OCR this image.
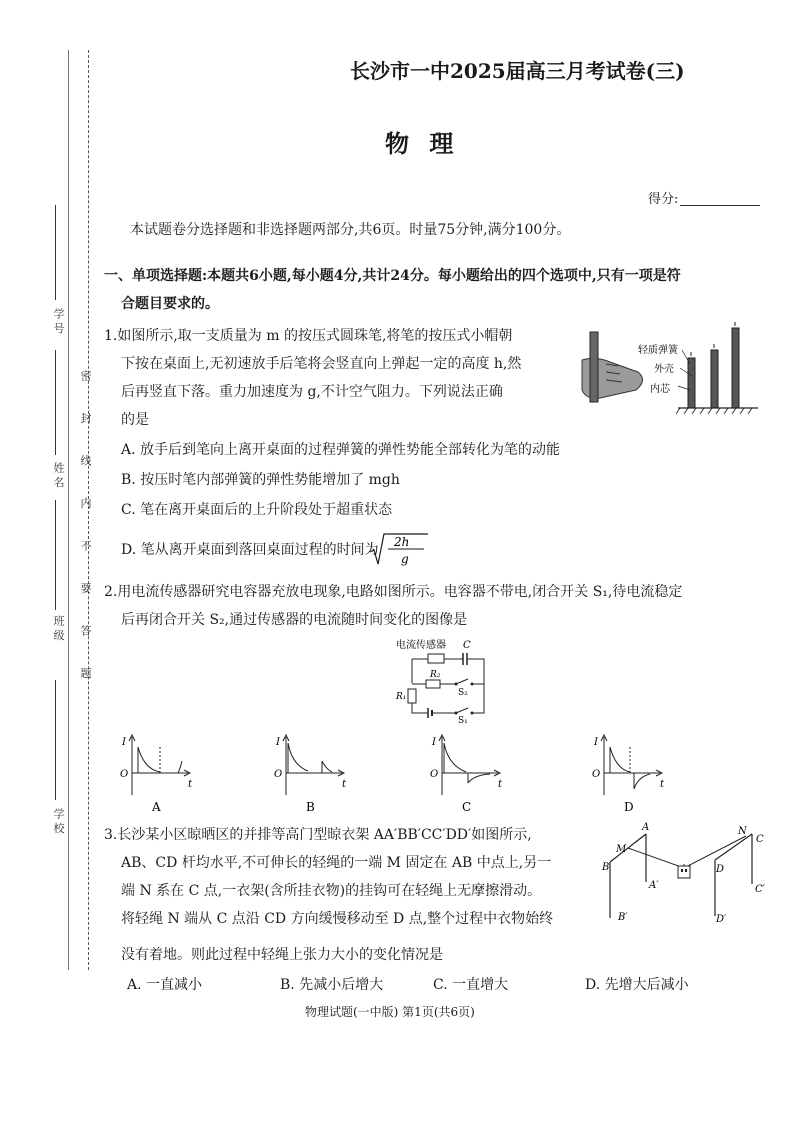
学 号
姓 名
班 级
学 校
密 封 线 内 不 要 答 题
长沙市一中2025届高三月考试卷(三)
物 理
得分:
本试题卷分选择题和非选择题两部分,共6页。时量75分钟,满分100分。
一、单项选择题:本题共6小题,每小题4分,共计24分。每小题给出的四个选项中,只有一项是符
合题目要求的。
1.如图所示,取一支质量为 m 的按压式圆珠笔,将笔的按压式小帽朝
下按在桌面上,无初速放手后笔将会竖直向上弹起一定的高度 h,然
后再竖直下落。重力加速度为 g,不计空气阻力。下列说法正确
的是
A. 放手后到笔向上离开桌面的过程弹簧的弹性势能全部转化为笔的动能
B. 按压时笔内部弹簧的弹性势能增加了 mgh
C. 笔在离开桌面后的上升阶段处于超重状态
D. 笔从离开桌面到落回桌面过程的时间为 2h
g
轻质弹簧
外壳
内芯
2.用电流传感器研究电容器充放电现象,电路如图所示。电容器不带电,闭合开关 S₁,待电流稳定
后再闭合开关 S₂,通过传感器的电流随时间变化的图像是
电流传感器 C
R₂
S₂
R₁
S₁
I
O
t
A
I
O
t
B
I
O
t
C
I
O
t
D
3.长沙某小区晾晒区的并排等高门型晾衣架 AA′BB′CC′DD′如图所示,
AB、CD 杆均水平,不可伸长的轻绳的一端 M 固定在 AB 中点上,另一
端 N 系在 C 点,一衣架(含所挂衣物)的挂钩可在轻绳上无摩擦滑动。
将轻绳 N 端从 C 点沿 CD 方向缓慢移动至 D 点,整个过程中衣物始终
没有着地。则此过程中轻绳上张力大小的变化情况是
A. 一直减小	B. 先减小后增大	C. 一直增大	D. 先增大后减小
A
M
B
A′
B′
N
C
D
C′
D′
物理试题(一中版) 第1页(共6页)
